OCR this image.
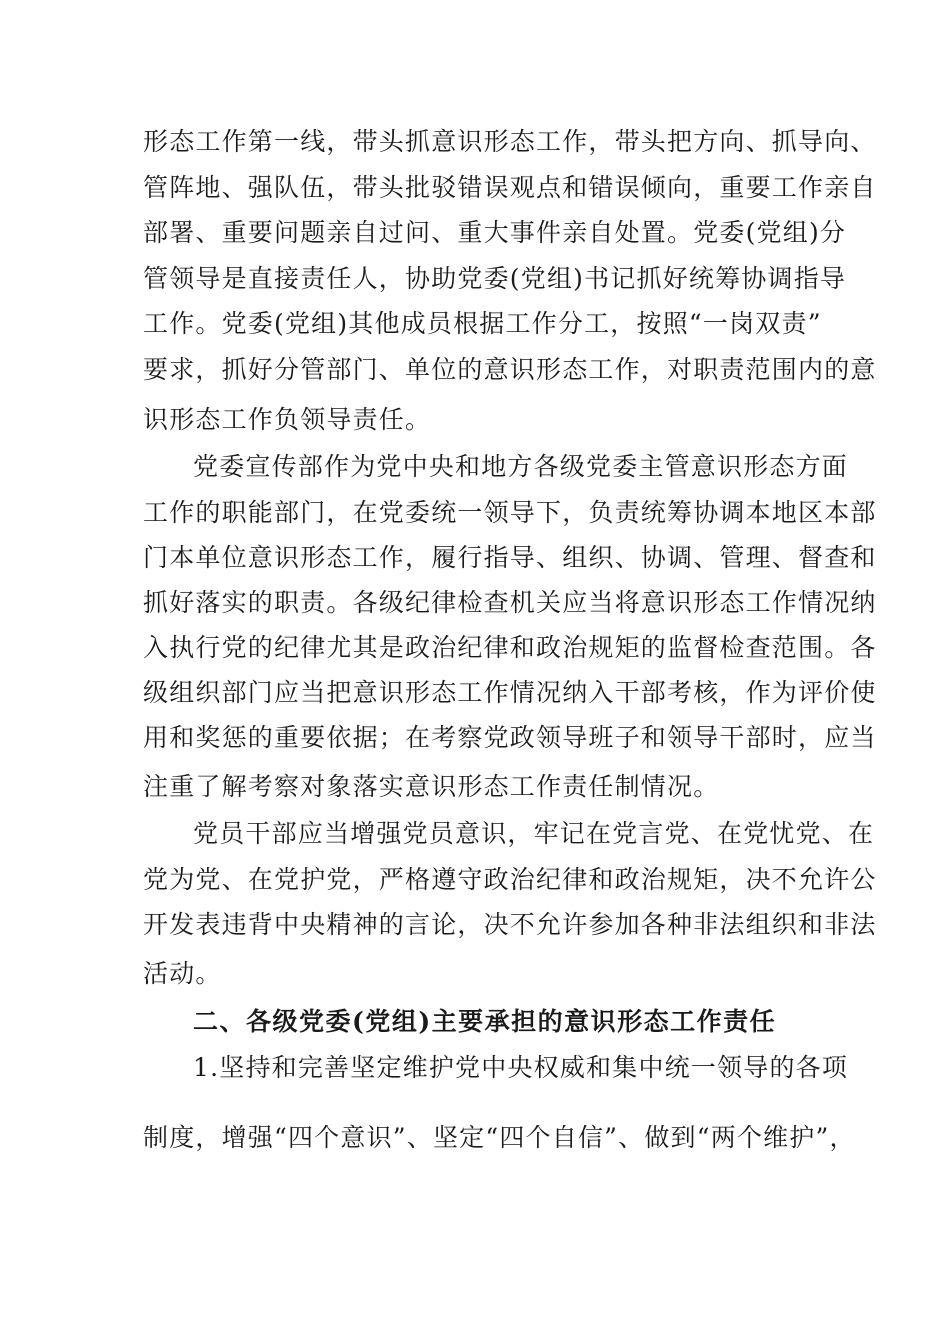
形态工作第一线，带头抓意识形态工作，带头把方向、抓导向、
管阵地、强队伍，带头批驳错误观点和错误倾向，重要工作亲自
部署、重要问题亲自过问、重大事件亲自处置。党委(党组)分
管领导是直接责任人，协助党委(党组)书记抓好统筹协调指导
工作。党委(党组)其他成员根据工作分工，按照“一岗双责”
要求，抓好分管部门、单位的意识形态工作，对职责范围内的意
识形态工作负领导责任。
党委宣传部作为党中央和地方各级党委主管意识形态方面
工作的职能部门，在党委统一领导下，负责统筹协调本地区本部
门本单位意识形态工作，履行指导、组织、协调、管理、督查和
抓好落实的职责。各级纪律检查机关应当将意识形态工作情况纳
入执行党的纪律尤其是政治纪律和政治规矩的监督检查范围。各
级组织部门应当把意识形态工作情况纳入干部考核，作为评价使
用和奖惩的重要依据；在考察党政领导班子和领导干部时，应当
注重了解考察对象落实意识形态工作责任制情况。
党员干部应当增强党员意识，牢记在党言党、在党忧党、在
党为党、在党护党，严格遵守政治纪律和政治规矩，决不允许公
开发表违背中央精神的言论，决不允许参加各种非法组织和非法
活动。
二、各级党委(党组)主要承担的意识形态工作责任
1.坚持和完善坚定维护党中央权威和集中统一领导的各项
制度，增强“四个意识”、坚定“四个自信”、做到“两个维护”，
